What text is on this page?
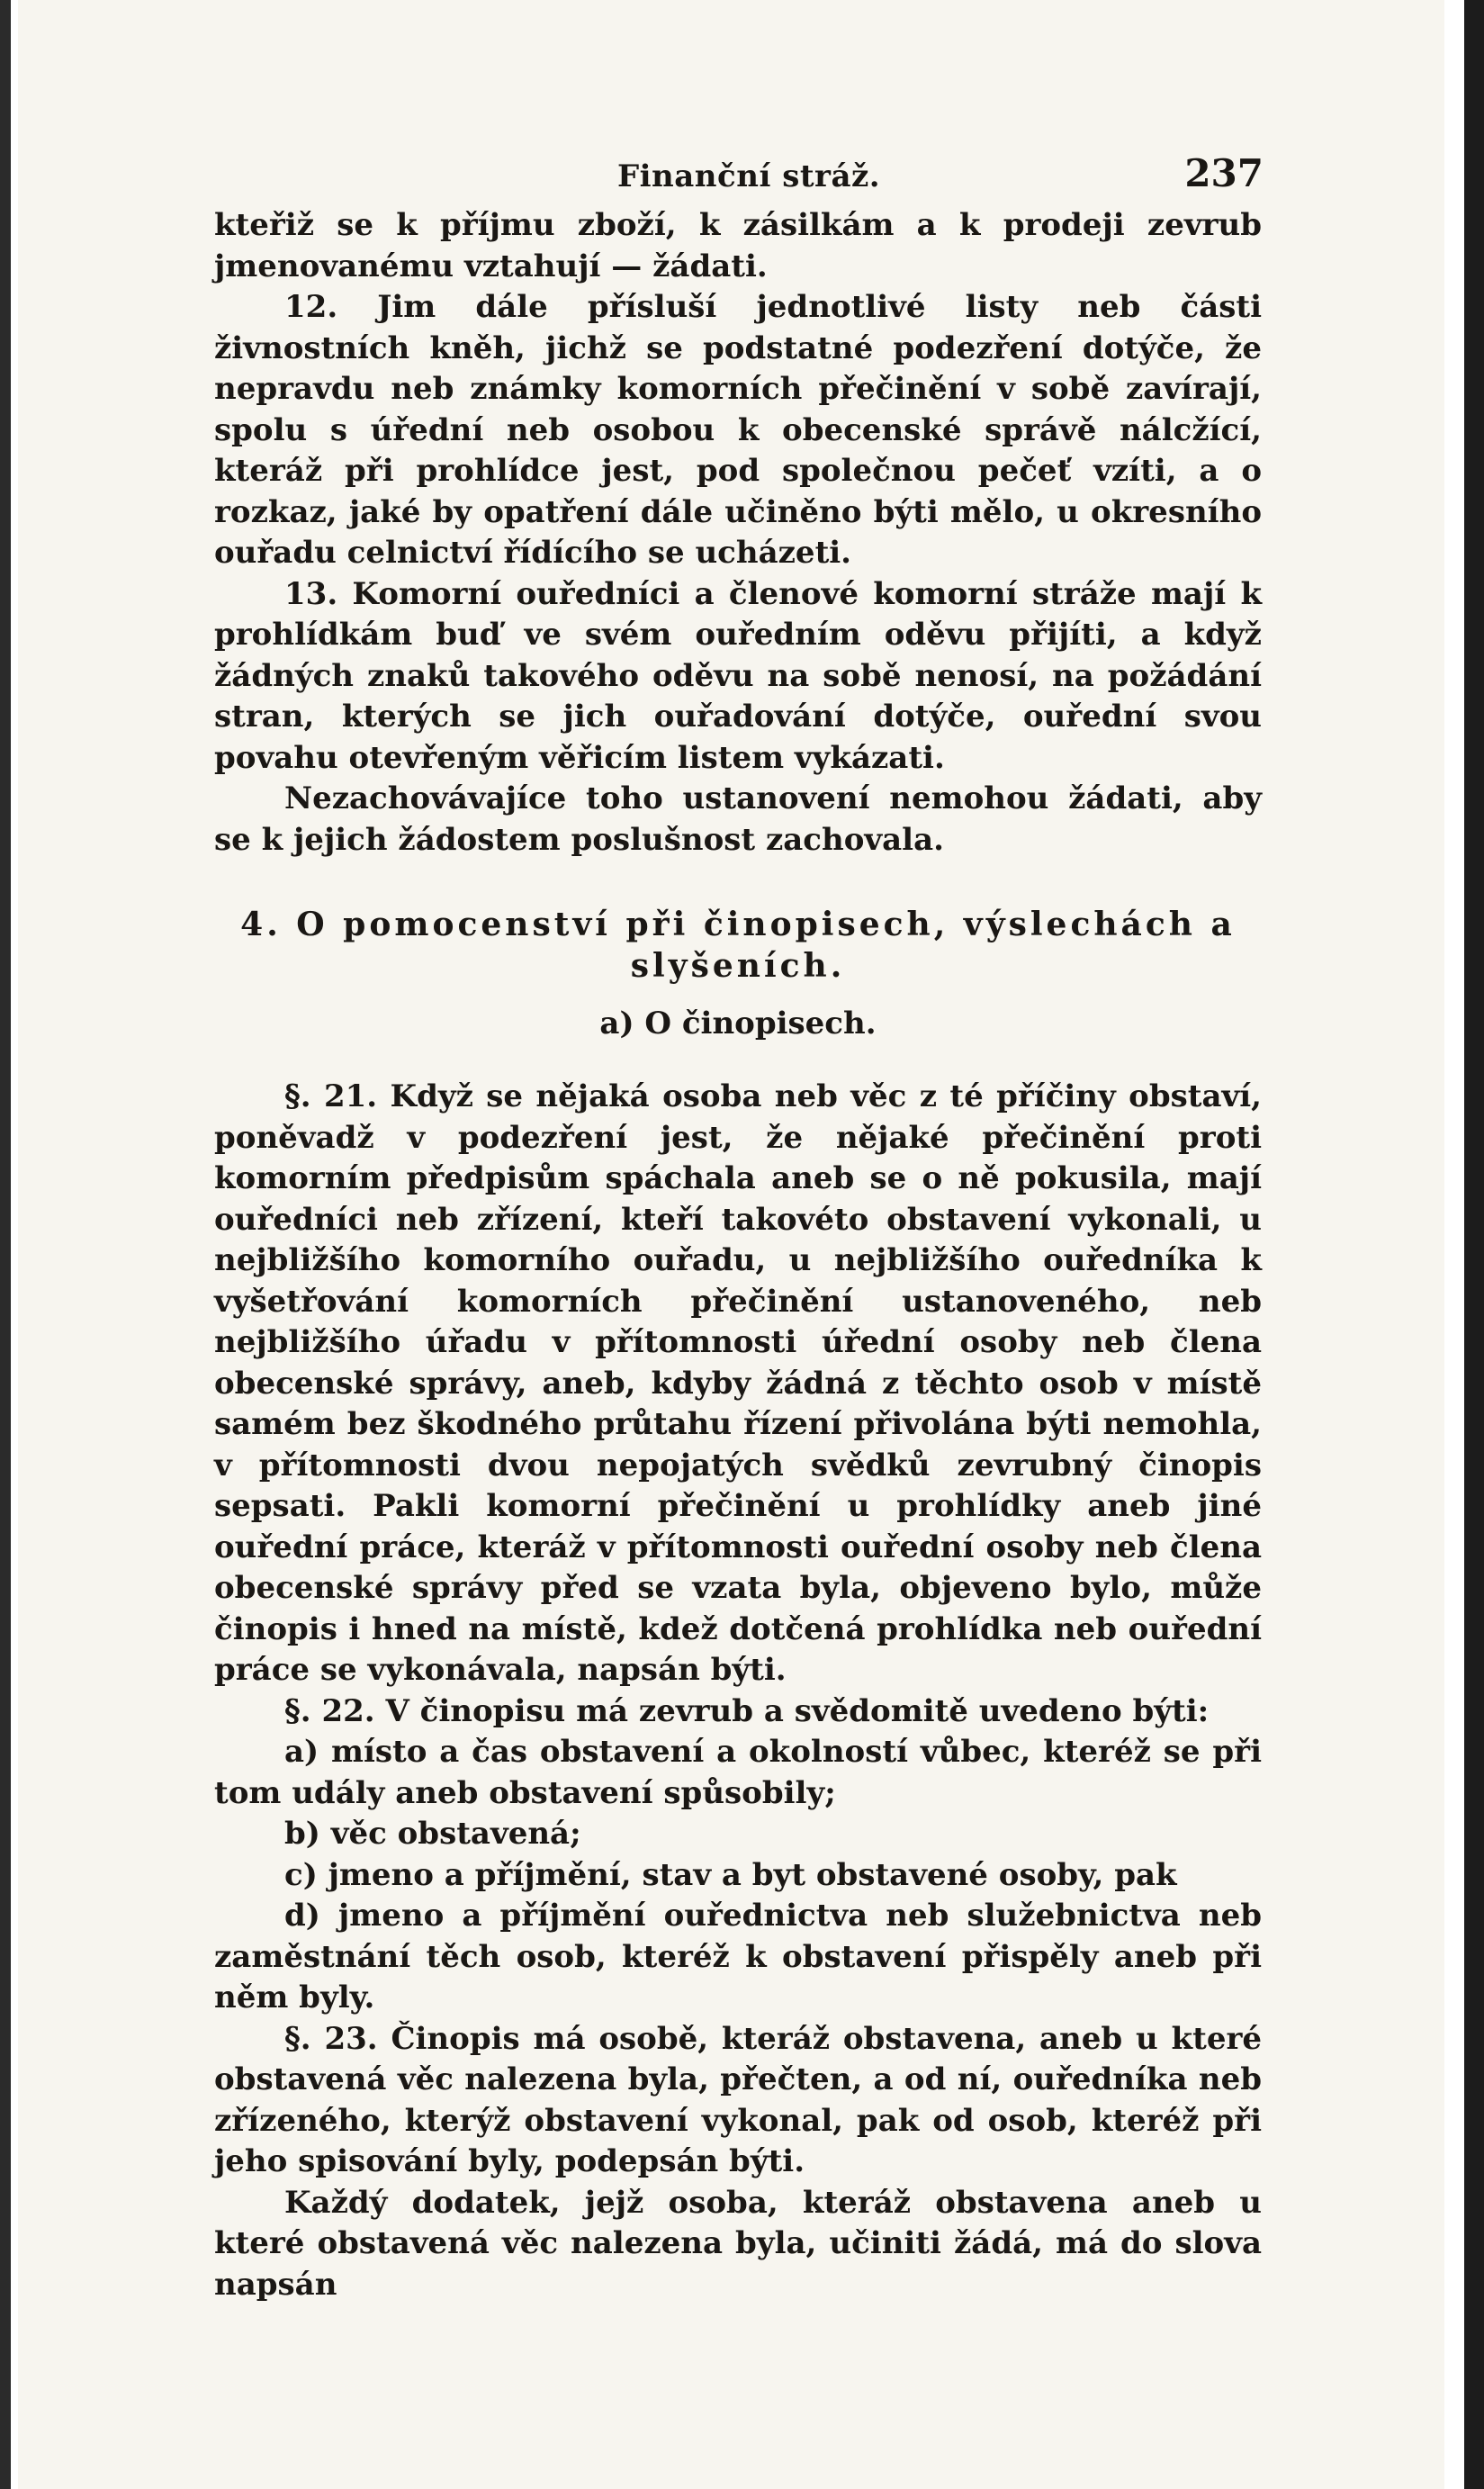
Finanční stráž.	237

kteřiž se k příjmu zboží, k zásilkám a k prodeji zevrub jmenovanému vztahují — žádati.

12. Jim dále přísluší jednotlivé listy neb části živnostních kněh, jichž se podstatné podezření dotýče, že nepravdu neb známky komorních přečinění v sobě zavírají, spolu s úřední neb osobou k obecenské správě nálcžící, kteráž při prohlídce jest, pod společnou pečeť vzíti, a o rozkaz, jaké by opatření dále učiněno býti mělo, u okresního ouřadu celnictví řídícího se ucházeti.

13. Komorní ouředníci a členové komorní stráže mají k prohlídkám buď ve svém ouředním oděvu přijíti, a když žádných znaků takového oděvu na sobě nenosí, na požádání stran, kterých se jich ouřadování dotýče, ouřední svou povahu otevřeným věřicím listem vykázati.

Nezachovávajíce toho ustanovení nemohou žádati, aby se k jejich žádostem poslušnost zachovala.

4. O pomocenství při činopisech, výslechách a slyšeních.
a) O činopisech.

§. 21. Když se nějaká osoba neb věc z té příčiny obstaví, poněvadž v podezření jest, že nějaké přečinění proti komorním předpisům spáchala aneb se o ně pokusila, mají ouředníci neb zřízení, kteří takovéto obstavení vykonali, u nejbližšího komorního ouřadu, u nejbližšího ouředníka k vyšetřování komorních přečinění ustanoveného, neb nejbližšího úřadu v přítomnosti úřední osoby neb člena obecenské správy, aneb, kdyby žádná z těchto osob v místě samém bez škodného průtahu řízení přivolána býti nemohla, v přítomnosti dvou nepojatých svědků zevrubný činopis sepsati. Pakli komorní přečinění u prohlídky aneb jiné ouřední práce, kteráž v přítomnosti ouřední osoby neb člena obecenské správy před se vzata byla, objeveno bylo, může činopis i hned na místě, kdež dotčená prohlídka neb ouřední práce se vykonávala, napsán býti.

§. 22. V činopisu má zevrub a svědomitě uvedeno býti:

a) místo a čas obstavení a okolností vůbec, kteréž se při tom udály aneb obstavení spůsobily;

b) věc obstavená;

c) jmeno a příjmění, stav a byt obstavené osoby, pak

d) jmeno a příjmění ouřednictva neb služebnictva neb zaměstnání těch osob, kteréž k obstavení přispěly aneb při něm byly.

§. 23. Činopis má osobě, kteráž obstavena, aneb u které obstavená věc nalezena byla, přečten, a od ní, ouředníka neb zřízeného, kterýž obstavení vykonal, pak od osob, kteréž při jeho spisování byly, podepsán býti.

Každý dodatek, jejž osoba, kteráž obstavena aneb u které obstavená věc nalezena byla, učiniti žádá, má do slova napsán
